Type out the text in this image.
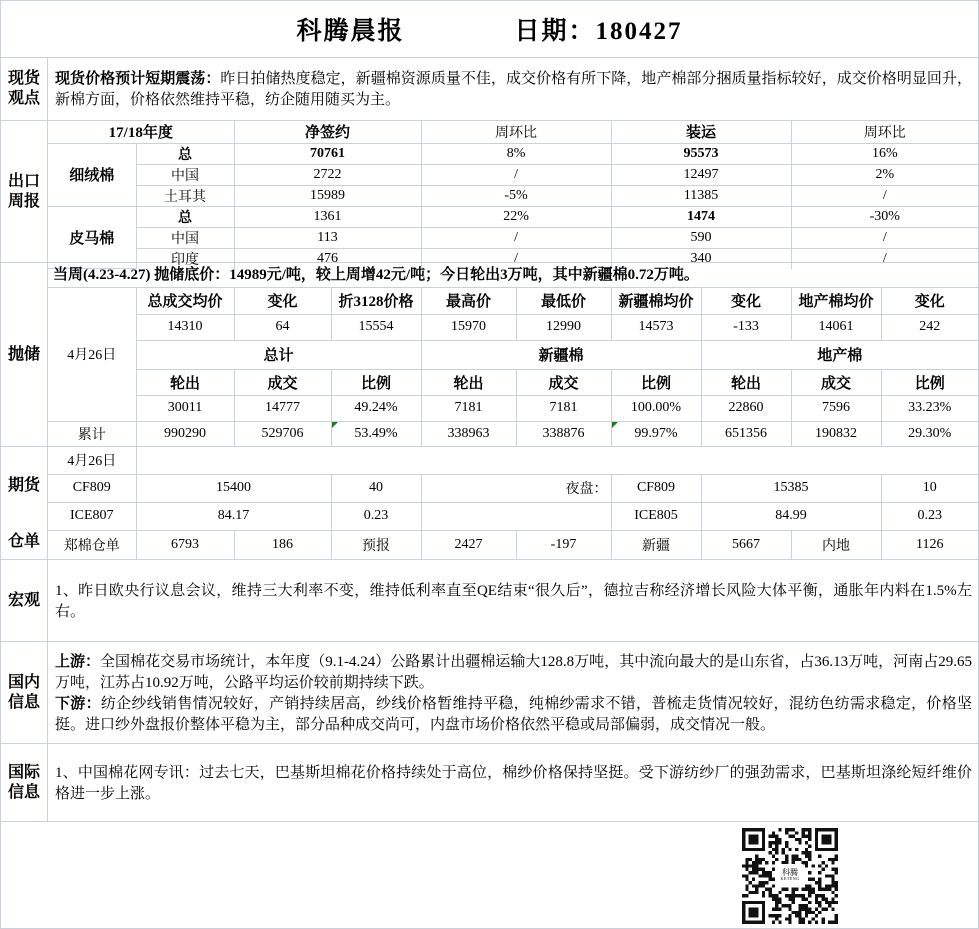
科腾晨报	日期：180427
现货观点
现货价格预计短期震荡：昨日拍储热度稳定，新疆棉资源质量不佳，成交价格有所下降，地产棉部分捆质量指标较好，成交价格明显回升，新棉方面，价格依然维持平稳，纺企随用随买为主。
出口周报
17/18年度		净签约	周环比	装运	周环比
细绒棉	总	70761	8%	95573	16%
	中国	2722	/	12497	2%
	土耳其	15989	-5%	11385	/
皮马棉	总	1361	22%	1474	-30%
	中国	113	/	590	/
	印度	476	/	340	/
抛储
当周(4.23-4.27) 抛储底价：14989元/吨，较上周增42元/吨；今日轮出3万吨，其中新疆棉0.72万吨。
4月26日	总成交均价	变化	折3128价格	最高价	最低价	新疆棉均价	变化	地产棉均价	变化
	14310	64	15554	15970	12990	14573	-133	14061	242
	总计			新疆棉			地产棉		
	轮出	成交	比例	轮出	成交	比例	轮出	成交	比例
	30011	14777	49.24%	7181	7181	100.00%	22860	7596	33.23%
累计	990290	529706	53.49%	338963	338876	99.97%	651356	190832	29.30%
期货
仓单
4月26日									
CF809	15400		40	夜盘：		CF809	15385		10
ICE807	84.17		0.23			ICE805	84.99		0.23
郑棉仓单	6793	186	预报	2427	-197	新疆	5667	内地	1126
宏观
1、昨日欧央行议息会议，维持三大利率不变，维持低利率直至QE结束“很久后”，德拉吉称经济增长风险大体平衡，通胀年内料在1.5%左右。
国内信息
上游：全国棉花交易市场统计，本年度（9.1-4.24）公路累计出疆棉运输大128.8万吨，其中流向最大的是山东省，占36.13万吨，河南占29.65万吨，江苏占10.92万吨，公路平均运价较前期持续下跌。
下游：纺企纱线销售情况较好，产销持续居高，纱线价格暂维持平稳，纯棉纱需求不错，普梳走货情况较好，混纺色纺需求稳定，价格坚挺。进口纱外盘报价整体平稳为主，部分品种成交尚可，内盘市场价格依然平稳或局部偏弱，成交情况一般。
国际信息
1、中国棉花网专讯：过去七天，巴基斯坦棉花价格持续处于高位，棉纱价格保持坚挺。受下游纺纱厂的强劲需求，巴基斯坦涤纶短纤维价格进一步上涨。
科腾
KETENG
